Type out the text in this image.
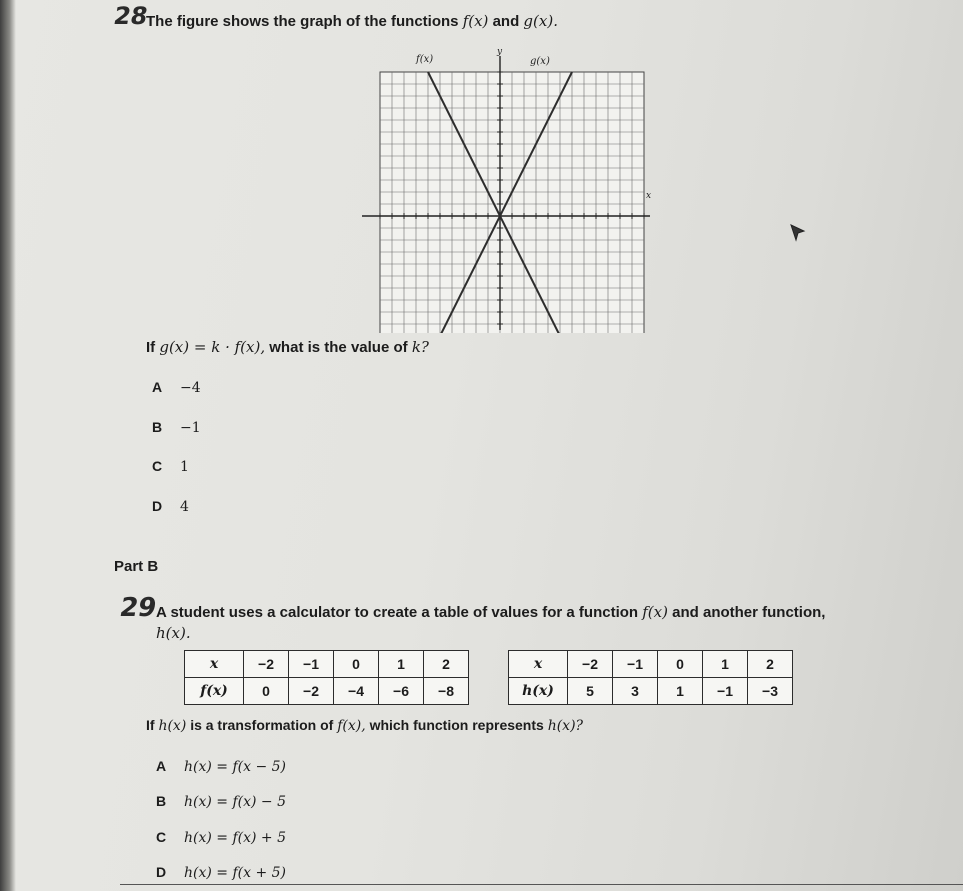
28
The figure shows the graph of the functions f(x) and g(x).
f(x)	g(x)
x
y
If g(x) = k · f(x), what is the value of k?
A −4
B −1
C 1
D 4
Part B
29
A student uses a calculator to create a table of values for a function f(x) and another function,
h(x).
x	−2	−1	0	1	2
f(x)	0	−2	−4	−6	−8
x	−2	−1	0	1	2
h(x)	5	3	1	−1	−3
If h(x) is a transformation of f(x), which function represents h(x)?
A h(x) = f(x − 5)
B h(x) = f(x) − 5
C h(x) = f(x) + 5
D h(x) = f(x + 5)
